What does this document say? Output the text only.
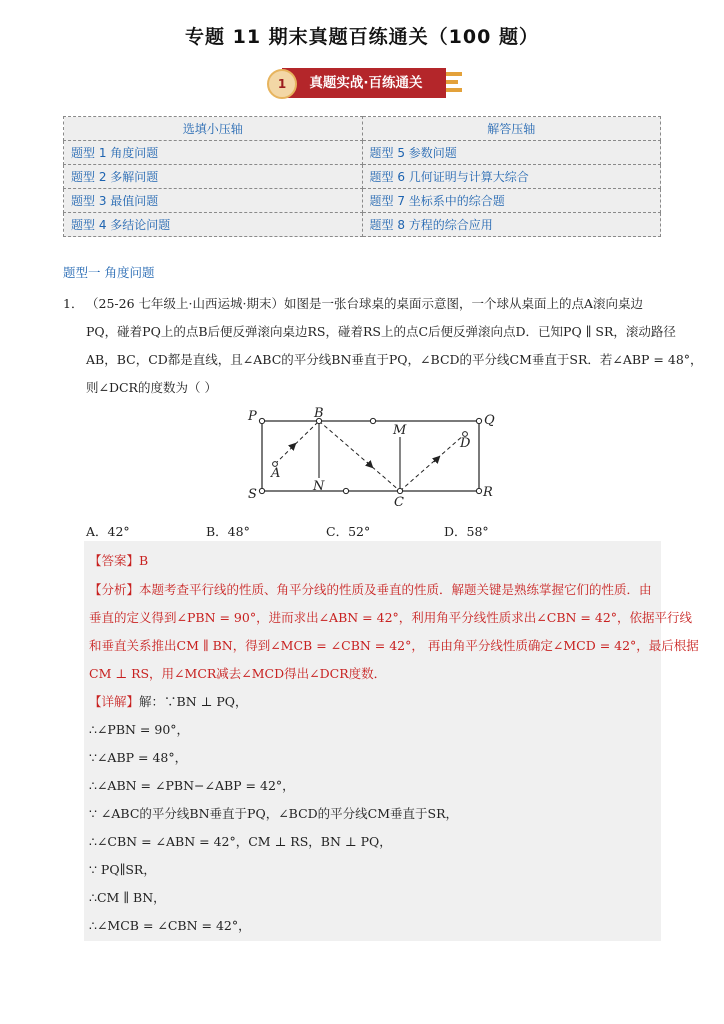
专题 11 期末真题百练通关（100 题）
1	真题实战·百练通关
选填小压轴	解答压轴
题型 1 角度问题	题型 5 参数问题
题型 2 多解问题	题型 6 几何证明与计算大综合
题型 3 最值问题	题型 7 坐标系中的综合题
题型 4 多结论问题	题型 8 方程的综合应用
题型一 角度问题
1． （25-26 七年级上·山西运城·期末）如图是一张台球桌的桌面示意图，一个球从桌面上的点A滚向桌边
PQ，碰着PQ上的点B后便反弹滚向桌边RS，碰着RS上的点C后便反弹滚向点D．已知PQ ∥ SR，滚动路径
AB，BC，CD都是直线，且∠ABC的平分线BN垂直于PQ，∠BCD的平分线CM垂直于SR．若∠ABP = 48°，
则∠DCR的度数为（ ）
P	B	Q
M
D
A
S
N
C
R
A．42°	B．48°	C．52°	D．58°
【答案】B
【分析】本题考查平行线的性质、角平分线的性质及垂直的性质．解题关键是熟练掌握它们的性质．由
垂直的定义得到∠PBN = 90°，进而求出∠ABN = 42°，利用角平分线性质求出∠CBN = 42°，依据平行线
和垂直关系推出CM ∥ BN，得到∠MCB = ∠CBN = 42°， 再由角平分线性质确定∠MCD = 42°，最后根据
CM ⊥ RS，用∠MCR减去∠MCD得出∠DCR度数．
【详解】解：∵BN ⊥ PQ，
∴∠PBN = 90°，
∵∠ABP = 48°，
∴∠ABN = ∠PBN−∠ABP = 42°，
∵ ∠ABC的平分线BN垂直于PQ，∠BCD的平分线CM垂直于SR，
∴∠CBN = ∠ABN = 42°，CM ⊥ RS，BN ⊥ PQ，
∵ PQ∥SR，
∴CM ∥ BN，
∴∠MCB = ∠CBN = 42°，
